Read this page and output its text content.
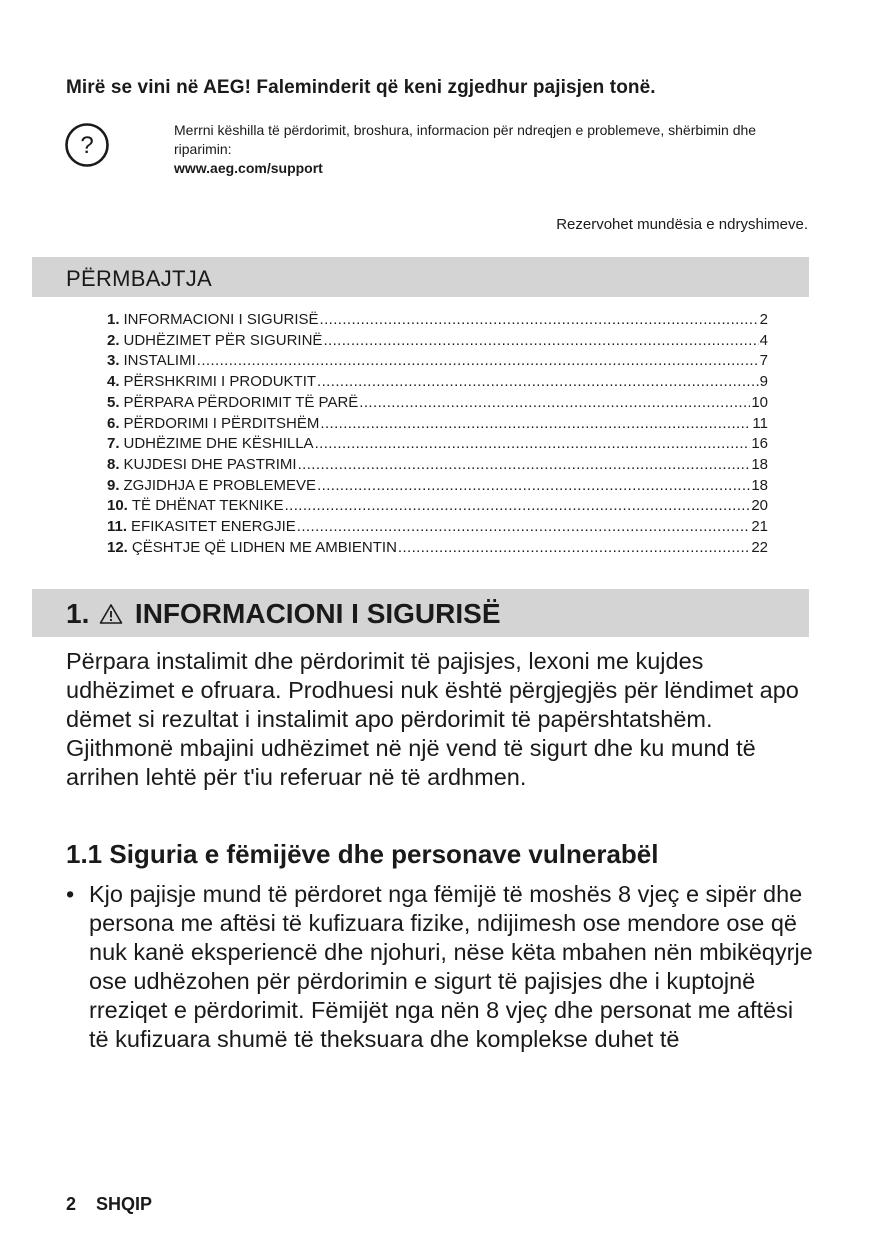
Mirë se vini në AEG! Faleminderit që keni zgjedhur pajisjen tonë.
?
Merrni këshilla të përdorimit, broshura, informacion për ndreqjen e problemeve, shërbimin dhe riparimin:
www.aeg.com/support
Rezervohet mundësia e ndryshimeve.
PËRMBAJTJA
1. INFORMACIONI I SIGURISË .....	2
2. UDHËZIMET PËR SIGURINË .....	4
3. INSTALIMI .....	7
4. PËRSHKRIMI I PRODUKTIT .....	9
5. PËRPARA PËRDORIMIT TË PARË .....	10
6. PËRDORIMI I PËRDITSHËM .....	11
7. UDHËZIME DHE KËSHILLA .....	16
8. KUJDESI DHE PASTRIMI .....	18
9. ZGJIDHJA E PROBLEMEVE .....	18
10. TË DHËNAT TEKNIKE .....	20
11. EFIKASITET ENERGJIE .....	21
12. ÇËSHTJE QË LIDHEN ME AMBIENTIN .....	22
1. INFORMACIONI I SIGURISË

Përpara instalimit dhe përdorimit të pajisjes, lexoni me kujdes udhëzimet e ofruara. Prodhuesi nuk është përgjegjës për lëndimet apo dëmet si rezultat i instalimit apo përdorimit të papërshtatshëm. Gjithmonë mbajini udhëzimet në një vend të sigurt dhe ku mund të arrihen lehtë për t'iu referuar në të ardhmen.

1.1 Siguria e fëmijëve dhe personave vulnerabël
• Kjo pajisje mund të përdoret nga fëmijë të moshës 8 vjeç e sipër dhe persona me aftësi të kufizuara fizike, ndijimesh ose mendore ose që nuk kanë eksperiencë dhe njohuri, nëse këta mbahen nën mbikëqyrje ose udhëzohen për përdorimin e sigurt të pajisjes dhe i kuptojnë rreziqet e përdorimit. Fëmijët nga nën 8 vjeç dhe personat me aftësi të kufizuara shumë të theksuara dhe komplekse duhet të
2 SHQIP
